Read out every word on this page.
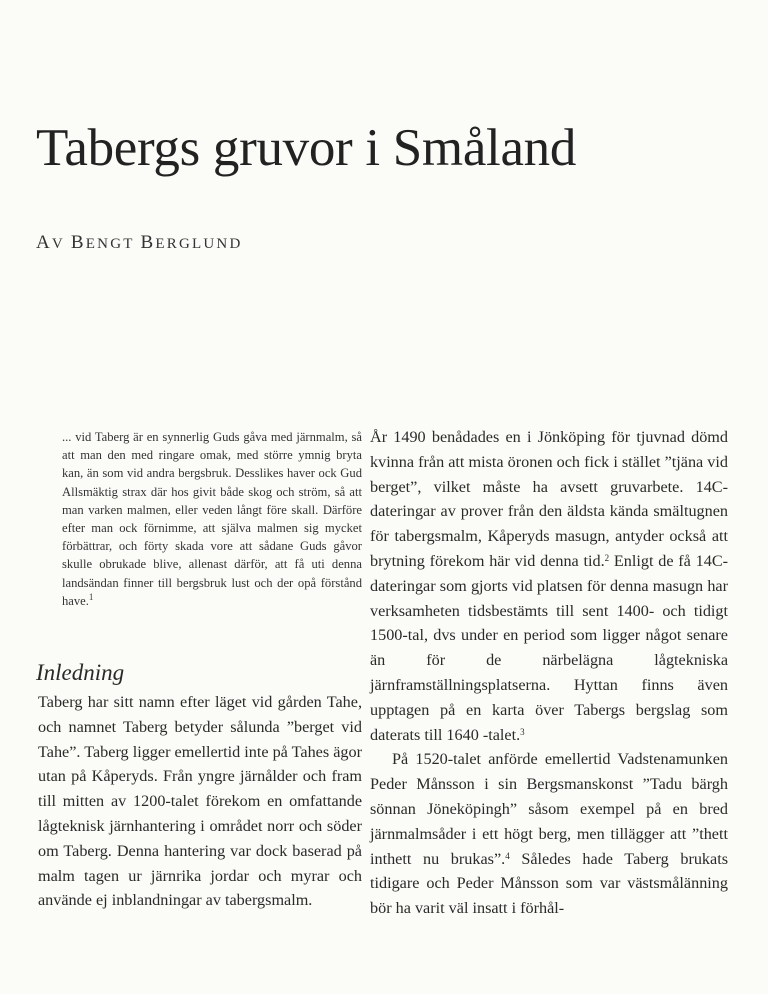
Tabergs gruvor i Småland
AV BENGT BERGLUND

... vid Taberg är en synnerlig Guds gåva med järnmalm, så att man den med ringare omak, med större ymnig bryta kan, än som vid andra bergsbruk. Desslikes haver ock Gud Allsmäktig strax där hos givit både skog och ström, så att man varken malmen, eller veden långt före skall. Därföre efter man ock förnimme, att själva malmen sig mycket förbättrar, och förty skada vore att sådane Guds gåvor skulle obrukade blive, allenast därför, att få uti denna landsändan finner till bergsbruk lust och der opå förstånd have.$^1$

Inledning

Taberg har sitt namn efter läget vid gården Tahe, och namnet Taberg betyder sålunda ”berget vid Tahe”. Taberg ligger emellertid inte på Tahes ägor utan på Kåperyds. Från yngre järnålder och fram till mitten av 1200-talet förekom en omfattande lågteknisk järnhantering i området norr och söder om Taberg. Denna hantering var dock baserad på malm tagen ur järnrika jordar och myrar och använde ej inblandningar av tabergsmalm.

År 1490 benådades en i Jönköping för tjuvnad dömd kvinna från att mista öronen och fick i stället ”tjäna vid berget”, vilket måste ha avsett gruvarbete. 14C-dateringar av prover från den äldsta kända smältugnen för tabergsmalm, Kåperyds masugn, antyder också att brytning förekom här vid denna tid.$^2$ Enligt de få 14C-dateringar som gjorts vid platsen för denna masugn har verksamheten tidsbestämts till sent 1400- och tidigt 1500-tal, dvs under en period som ligger något senare än för de närbelägna lågtekniska järnframställningsplatserna. Hyttan finns även upptagen på en karta över Tabergs bergslag som daterats till 1640 -talet.$^3$

På 1520-talet anförde emellertid Vadstenamunken Peder Månsson i sin Bergsmanskonst ”Tadu bärgh sönnan Jöneköpingh” såsom exempel på en bred järnmalmsåder i ett högt berg, men tillägger att ”thett inthett nu brukas”.$^4$ Således hade Taberg brukats tidigare och Peder Månsson som var västsmålänning bör ha varit väl insatt i förhål-
